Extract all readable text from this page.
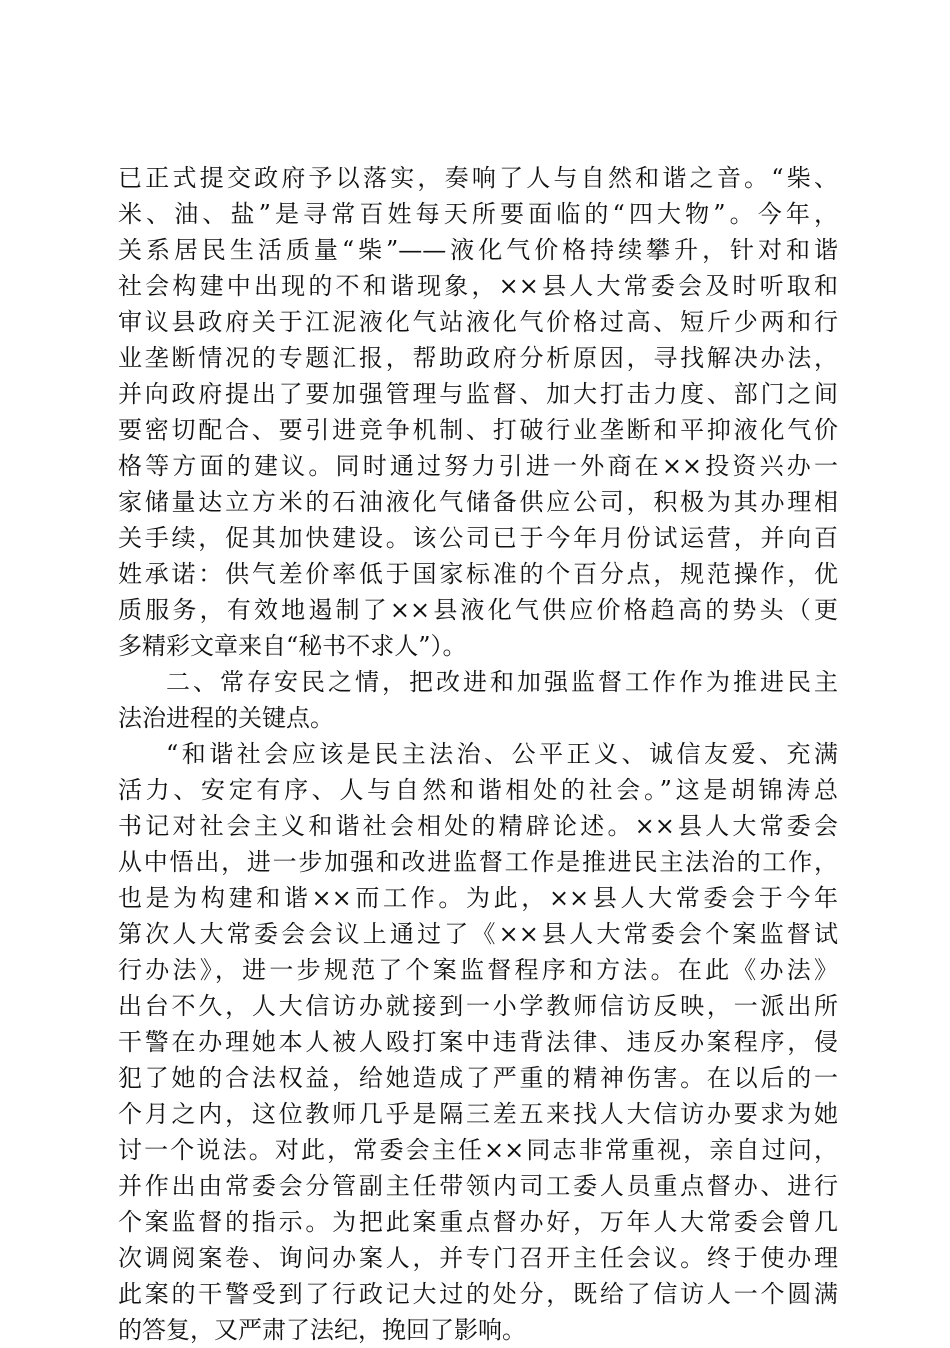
已正式提交政府予以落实，奏响了人与自然和谐之音。“柴、
米、油、盐”是寻常百姓每天所要面临的“四大物”。今年，
关系居民生活质量“柴”——液化气价格持续攀升，针对和谐
社会构建中出现的不和谐现象，××县人大常委会及时听取和
审议县政府关于江泥液化气站液化气价格过高、短斤少两和行
业垄断情况的专题汇报，帮助政府分析原因，寻找解决办法，
并向政府提出了要加强管理与监督、加大打击力度、部门之间
要密切配合、要引进竞争机制、打破行业垄断和平抑液化气价
格等方面的建议。同时通过努力引进一外商在××投资兴办一
家储量达立方米的石油液化气储备供应公司，积极为其办理相
关手续，促其加快建设。该公司已于今年月份试运营，并向百
姓承诺：供气差价率低于国家标准的个百分点，规范操作，优
质服务，有效地遏制了××县液化气供应价格趋高的势头（更
多精彩文章来自“秘书不求人”）。
二、常存安民之情，把改进和加强监督工作作为推进民主
法治进程的关键点。
“和谐社会应该是民主法治、公平正义、诚信友爱、充满
活力、安定有序、人与自然和谐相处的社会。”这是胡锦涛总
书记对社会主义和谐社会相处的精辟论述。××县人大常委会
从中悟出，进一步加强和改进监督工作是推进民主法治的工作，
也是为构建和谐××而工作。为此，××县人大常委会于今年
第次人大常委会会议上通过了《××县人大常委会个案监督试
行办法》，进一步规范了个案监督程序和方法。在此《办法》
出台不久，人大信访办就接到一小学教师信访反映，一派出所
干警在办理她本人被人殴打案中违背法律、违反办案程序，侵
犯了她的合法权益，给她造成了严重的精神伤害。在以后的一
个月之内，这位教师几乎是隔三差五来找人大信访办要求为她
讨一个说法。对此，常委会主任××同志非常重视，亲自过问，
并作出由常委会分管副主任带领内司工委人员重点督办、进行
个案监督的指示。为把此案重点督办好，万年人大常委会曾几
次调阅案卷、询问办案人，并专门召开主任会议。终于使办理
此案的干警受到了行政记大过的处分，既给了信访人一个圆满
的答复，又严肃了法纪，挽回了影响。
